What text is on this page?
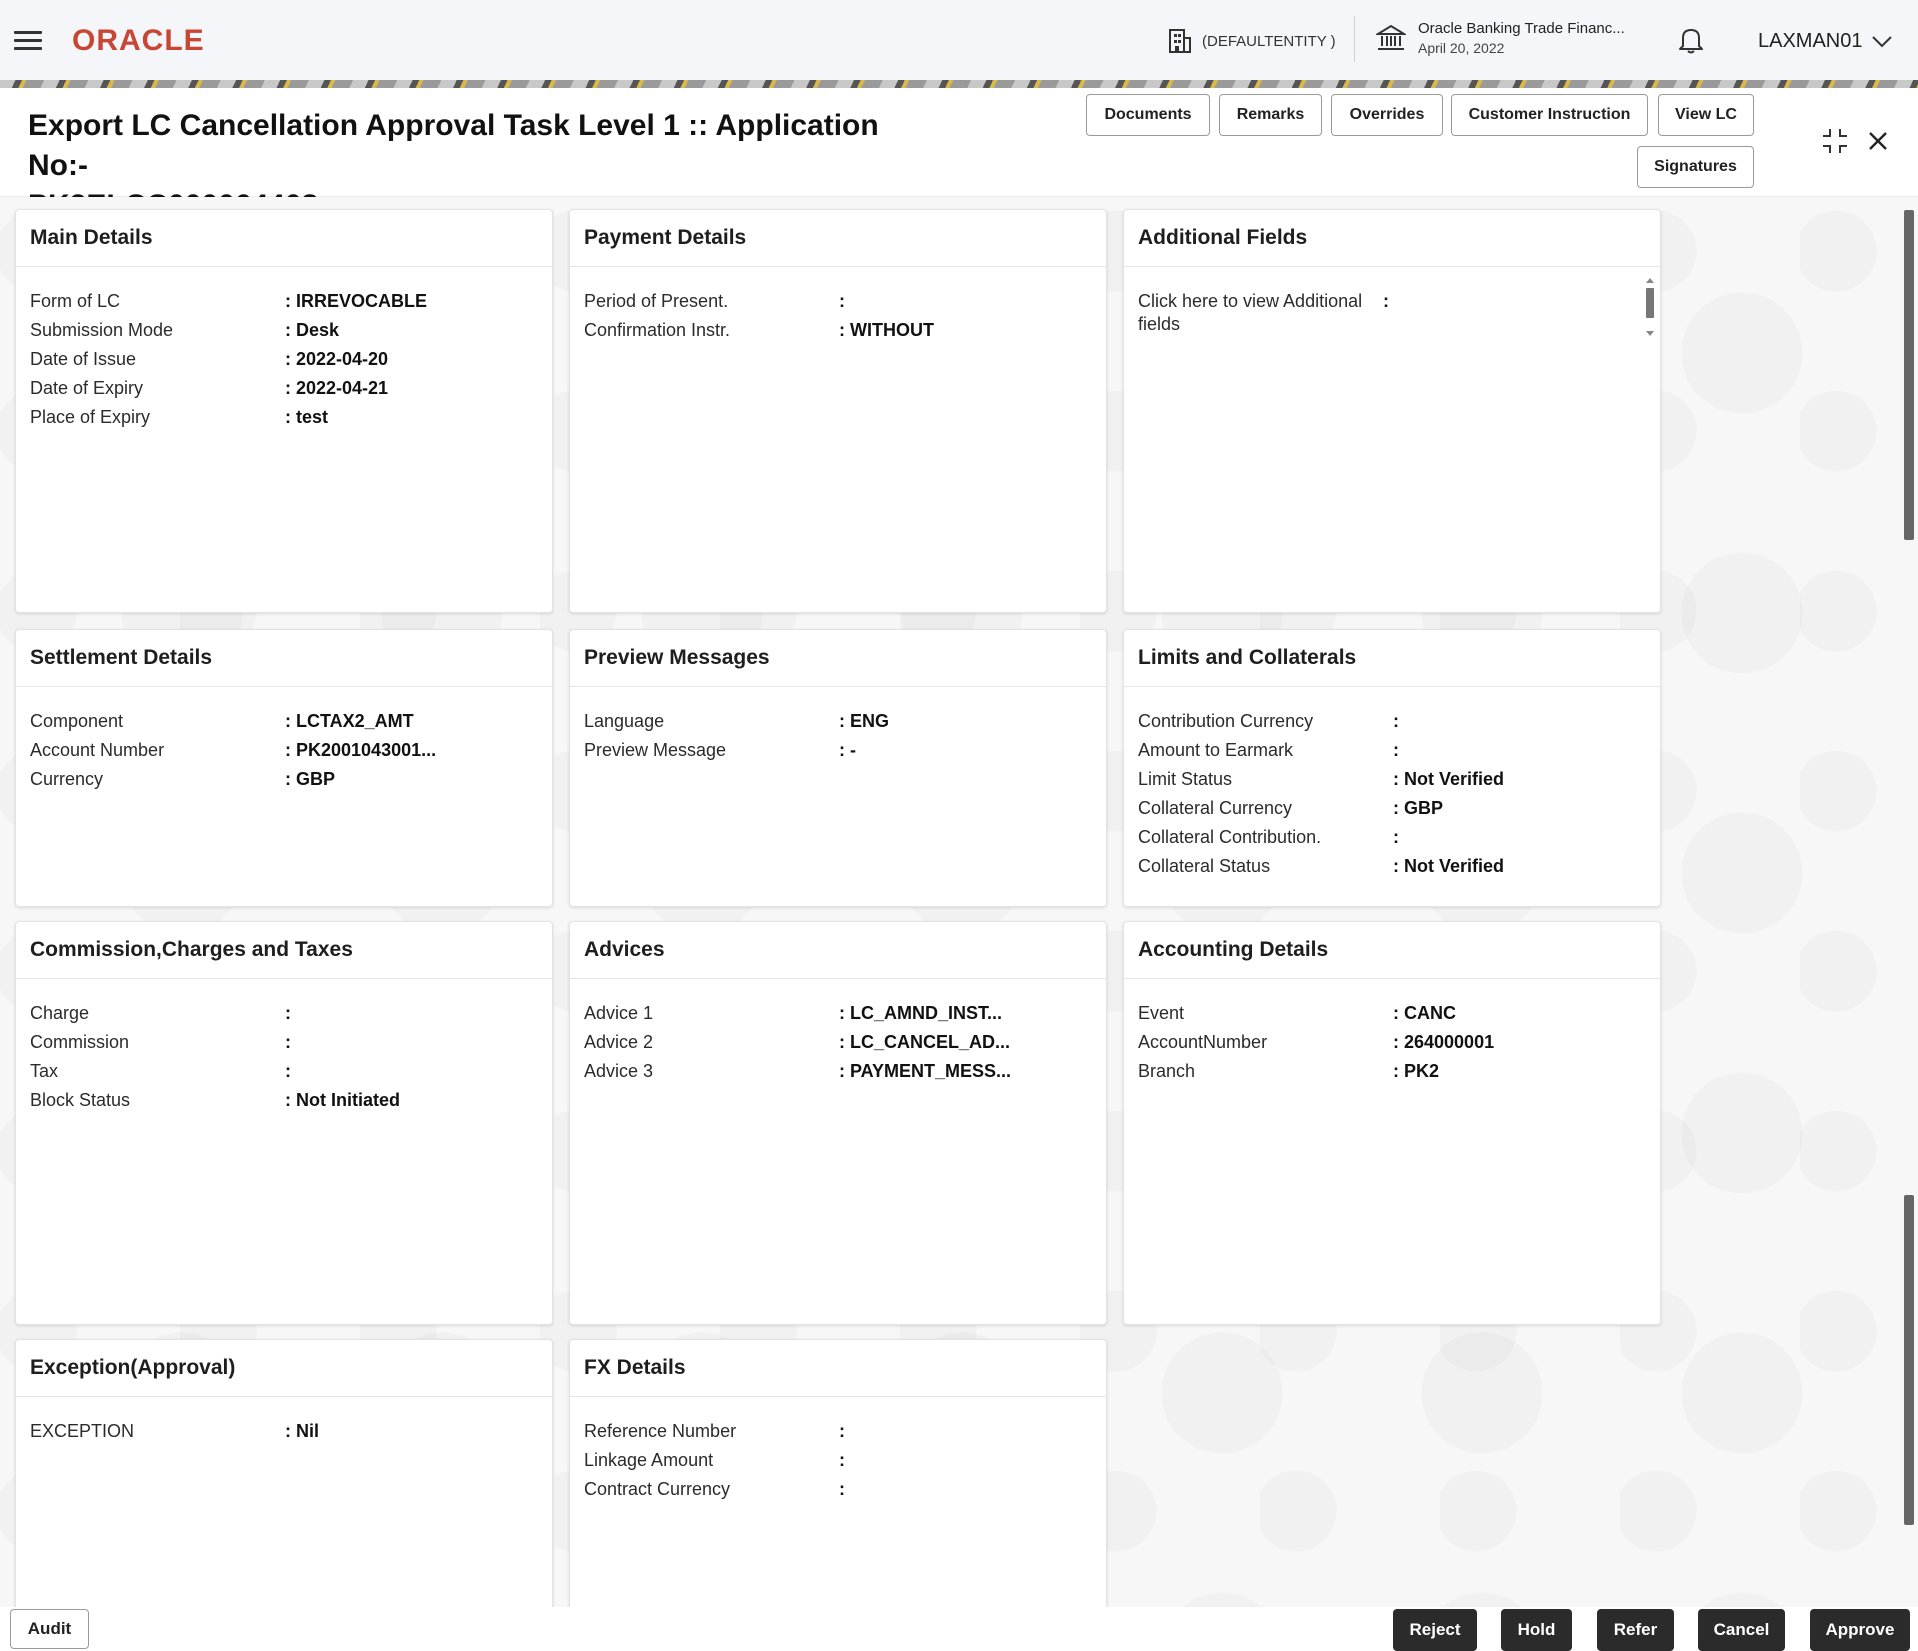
ORACLE	(DEFAULTENTITY )
Oracle Banking Trade Financ...
April 20, 2022	LAXMAN01
Export LC Cancellation Approval Task Level 1 :: Application No:-
Documents	Remarks	Overrides	Customer Instruction	View LC
Signatures
Main Details
Form of LC	: IRREVOCABLE
Submission Mode	: Desk
Date of Issue	: 2022-04-20
Date of Expiry	: 2022-04-21
Place of Expiry	: test
Payment Details
Period of Present.	:
Confirmation Instr.	: WITHOUT
Additional Fields
Click here to view Additional fields
:
Settlement Details
Component	: LCTAX2_AMT
Account Number	: PK2001043001...
Currency	: GBP
Preview Messages
Language	: ENG
Preview Message	: -
Limits and Collaterals
Contribution Currency	:
Amount to Earmark	:
Limit Status	: Not Verified
Collateral Currency	: GBP
Collateral Contribution.	:
Collateral Status	: Not Verified
Commission,Charges and Taxes
Charge	:
Commission	:
Tax	:
Block Status	: Not Initiated
Advices
Advice 1	: LC_AMND_INST...
Advice 2	: LC_CANCEL_AD...
Advice 3	: PAYMENT_MESS...
Accounting Details
Event	: CANC
AccountNumber	: 264000001
Branch	: PK2
Exception(Approval)
EXCEPTION	: Nil
FX Details
Reference Number	:
Linkage Amount	:
Contract Currency	:
Audit	Reject	Hold	Refer	Cancel	Approve
